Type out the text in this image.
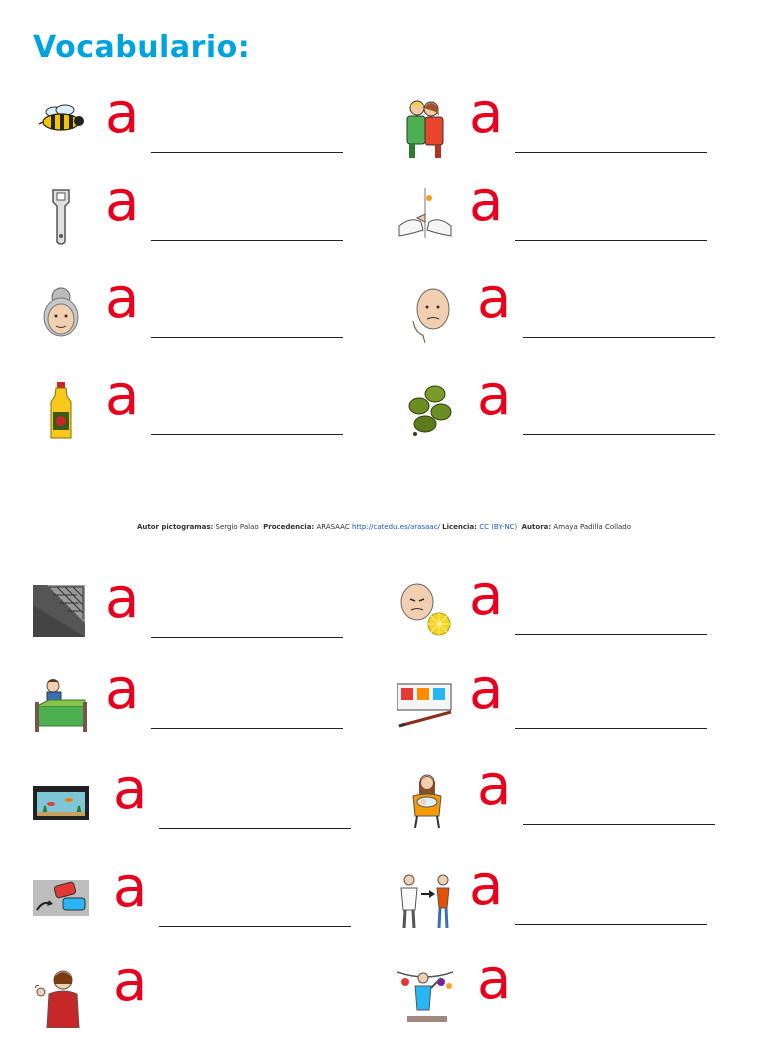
Vocabulario:
a	a
a	a
a	a
a	a
Autor pictogramas: Sergio Palao Procedencia: ARASAAC http://catedu.es/arasaac/ Licencia: CC (BY-NC) Autora: Amaya Padilla Collado
a	a
a	a
a	a
a	a
a	a
